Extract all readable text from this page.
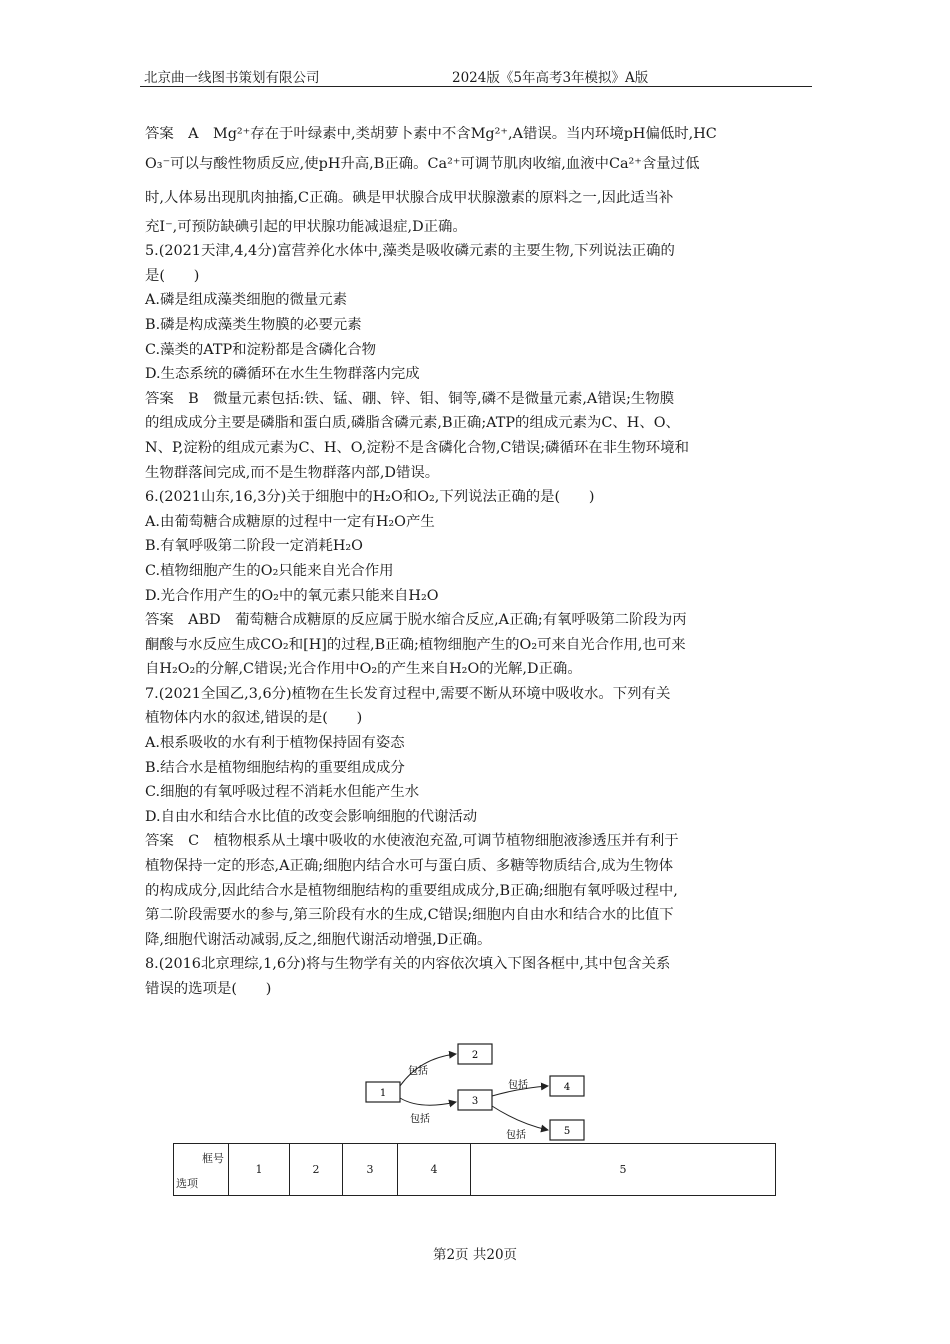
北京曲一线图书策划有限公司	2024版《5年高考3年模拟》A版
答案　A　Mg²⁺存在于叶绿素中,类胡萝卜素中不含Mg²⁺,A错误。当内环境pH偏低时,HC
O₃⁻可以与酸性物质反应,使pH升高,B正确。Ca²⁺可调节肌肉收缩,血液中Ca²⁺含量过低
时,人体易出现肌肉抽搐,C正确。碘是甲状腺合成甲状腺激素的原料之一,因此适当补
充I⁻,可预防缺碘引起的甲状腺功能减退症,D正确。
5.(2021天津,4,4分)富营养化水体中,藻类是吸收磷元素的主要生物,下列说法正确的
是(　　)
A.磷是组成藻类细胞的微量元素
B.磷是构成藻类生物膜的必要元素
C.藻类的ATP和淀粉都是含磷化合物
D.生态系统的磷循环在水生生物群落内完成
答案　B　微量元素包括:铁、锰、硼、锌、钼、铜等,磷不是微量元素,A错误;生物膜
的组成成分主要是磷脂和蛋白质,磷脂含磷元素,B正确;ATP的组成元素为C、H、O、
N、P,淀粉的组成元素为C、H、O,淀粉不是含磷化合物,C错误;磷循环在非生物环境和
生物群落间完成,而不是生物群落内部,D错误。
6.(2021山东,16,3分)关于细胞中的H₂O和O₂,下列说法正确的是(　　)
A.由葡萄糖合成糖原的过程中一定有H₂O产生
B.有氧呼吸第二阶段一定消耗H₂O
C.植物细胞产生的O₂只能来自光合作用
D.光合作用产生的O₂中的氧元素只能来自H₂O
答案　ABD　葡萄糖合成糖原的反应属于脱水缩合反应,A正确;有氧呼吸第二阶段为丙
酮酸与水反应生成CO₂和[H]的过程,B正确;植物细胞产生的O₂可来自光合作用,也可来
自H₂O₂的分解,C错误;光合作用中O₂的产生来自H₂O的光解,D正确。
7.(2021全国乙,3,6分)植物在生长发育过程中,需要不断从环境中吸收水。下列有关
植物体内水的叙述,错误的是(　　)
A.根系吸收的水有利于植物保持固有姿态
B.结合水是植物细胞结构的重要组成成分
C.细胞的有氧呼吸过程不消耗水但能产生水
D.自由水和结合水比值的改变会影响细胞的代谢活动
答案　C　植物根系从土壤中吸收的水使液泡充盈,可调节植物细胞液渗透压并有利于
植物保持一定的形态,A正确;细胞内结合水可与蛋白质、多糖等物质结合,成为生物体
的构成成分,因此结合水是植物细胞结构的重要组成成分,B正确;细胞有氧呼吸过程中,
第二阶段需要水的参与,第三阶段有水的生成,C错误;细胞内自由水和结合水的比值下
降,细胞代谢活动减弱,反之,细胞代谢活动增强,D正确。
8.(2016北京理综,1,6分)将与生物学有关的内容依次填入下图各框中,其中包含关系
错误的选项是(　　)
1
2
3
4
5
包括
包括
包括
包括
框号
选项
	1	2	3	4	5
第2页 共20页
